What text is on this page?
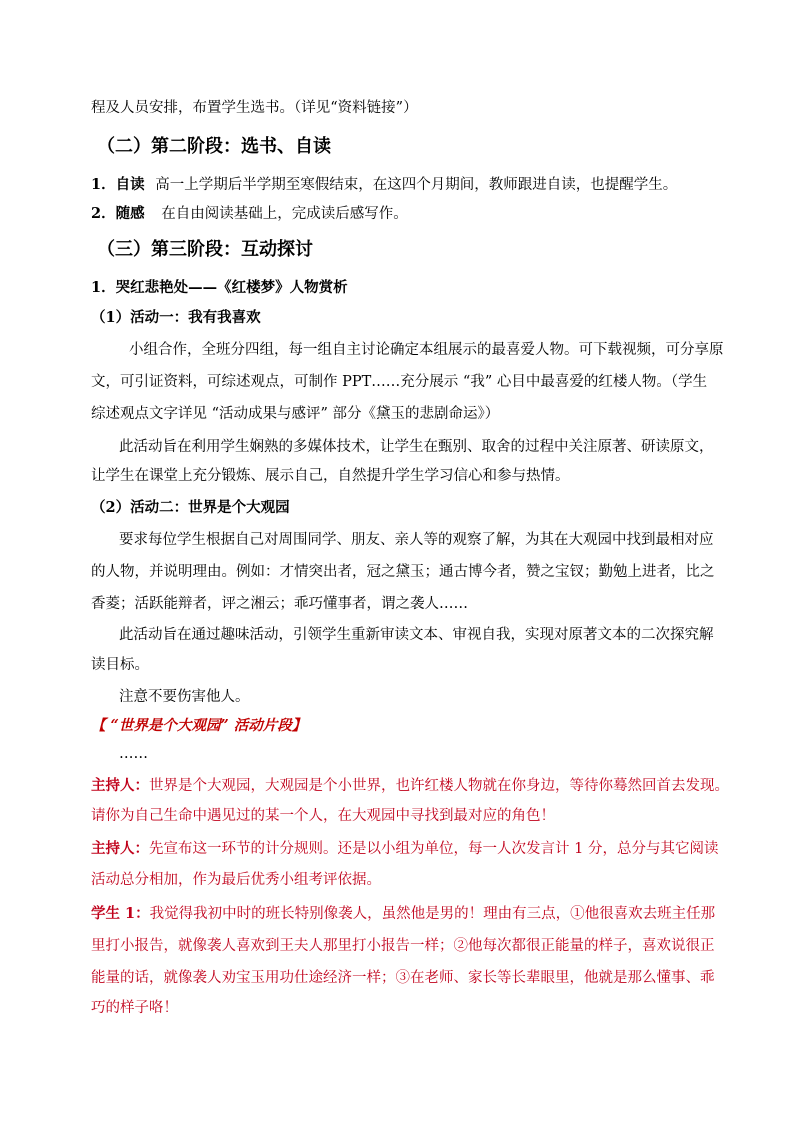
程及人员安排，布置学生选书。（详见“资料链接”）
（二）第二阶段：选书、自读
1．自读 高一上学期后半学期至寒假结束，在这四个月期间，教师跟进自读，也提醒学生。
2．随感 在自由阅读基础上，完成读后感写作。
（三）第三阶段：互动探讨
1．哭红悲艳处——《红楼梦》人物赏析
（1）活动一：我有我喜欢
小组合作，全班分四组，每一组自主讨论确定本组展示的最喜爱人物。可下载视频，可分享原
文，可引证资料，可综述观点，可制作 PPT……充分展示 “我” 心目中最喜爱的红楼人物。（学生
综述观点文字详见 “活动成果与感评” 部分《黛玉的悲剧命运》）
此活动旨在利用学生娴熟的多媒体技术，让学生在甄别、取舍的过程中关注原著、研读原文，
让学生在课堂上充分锻炼、展示自己，自然提升学生学习信心和参与热情。
（2）活动二：世界是个大观园
要求每位学生根据自己对周围同学、朋友、亲人等的观察了解，为其在大观园中找到最相对应
的人物，并说明理由。例如：才情突出者，冠之黛玉；通古博今者，赞之宝钗；勤勉上进者，比之
香菱；活跃能辩者，评之湘云；乖巧懂事者，谓之袭人……
此活动旨在通过趣味活动，引领学生重新审读文本、审视自我，实现对原著文本的二次探究解
读目标。
注意不要伤害他人。
【 “世界是个大观园” 活动片段】
……
主持人：世界是个大观园，大观园是个小世界，也许红楼人物就在你身边，等待你蓦然回首去发现。
请你为自己生命中遇见过的某一个人，在大观园中寻找到最对应的角色！
主持人：先宣布这一环节的计分规则。还是以小组为单位，每一人次发言计 1 分，总分与其它阅读
活动总分相加，作为最后优秀小组考评依据。
学生 1：我觉得我初中时的班长特别像袭人，虽然他是男的！理由有三点，①他很喜欢去班主任那
里打小报告，就像袭人喜欢到王夫人那里打小报告一样；②他每次都很正能量的样子，喜欢说很正
能量的话，就像袭人劝宝玉用功仕途经济一样；③在老师、家长等长辈眼里，他就是那么懂事、乖
巧的样子咯！
